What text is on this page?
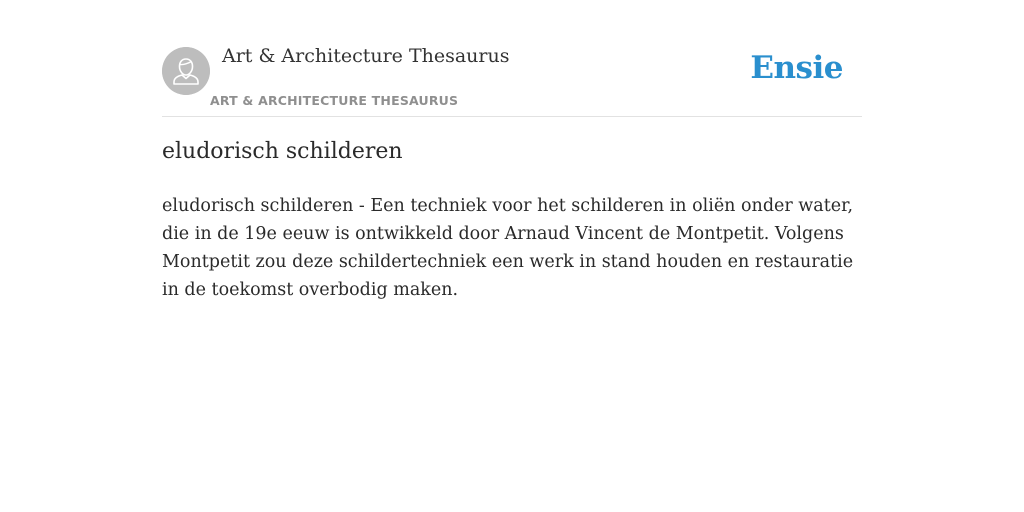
Art & Architecture Thesaurus
ART & ARCHITECTURE THESAURUS
Ensie
eludorisch schilderen

eludorisch schilderen - Een techniek voor het schilderen in oliën onder water, die in de 19e eeuw is ontwikkeld door Arnaud Vincent de Montpetit. Volgens Montpetit zou deze schildertechniek een werk in stand houden en restauratie in de toekomst overbodig maken.
